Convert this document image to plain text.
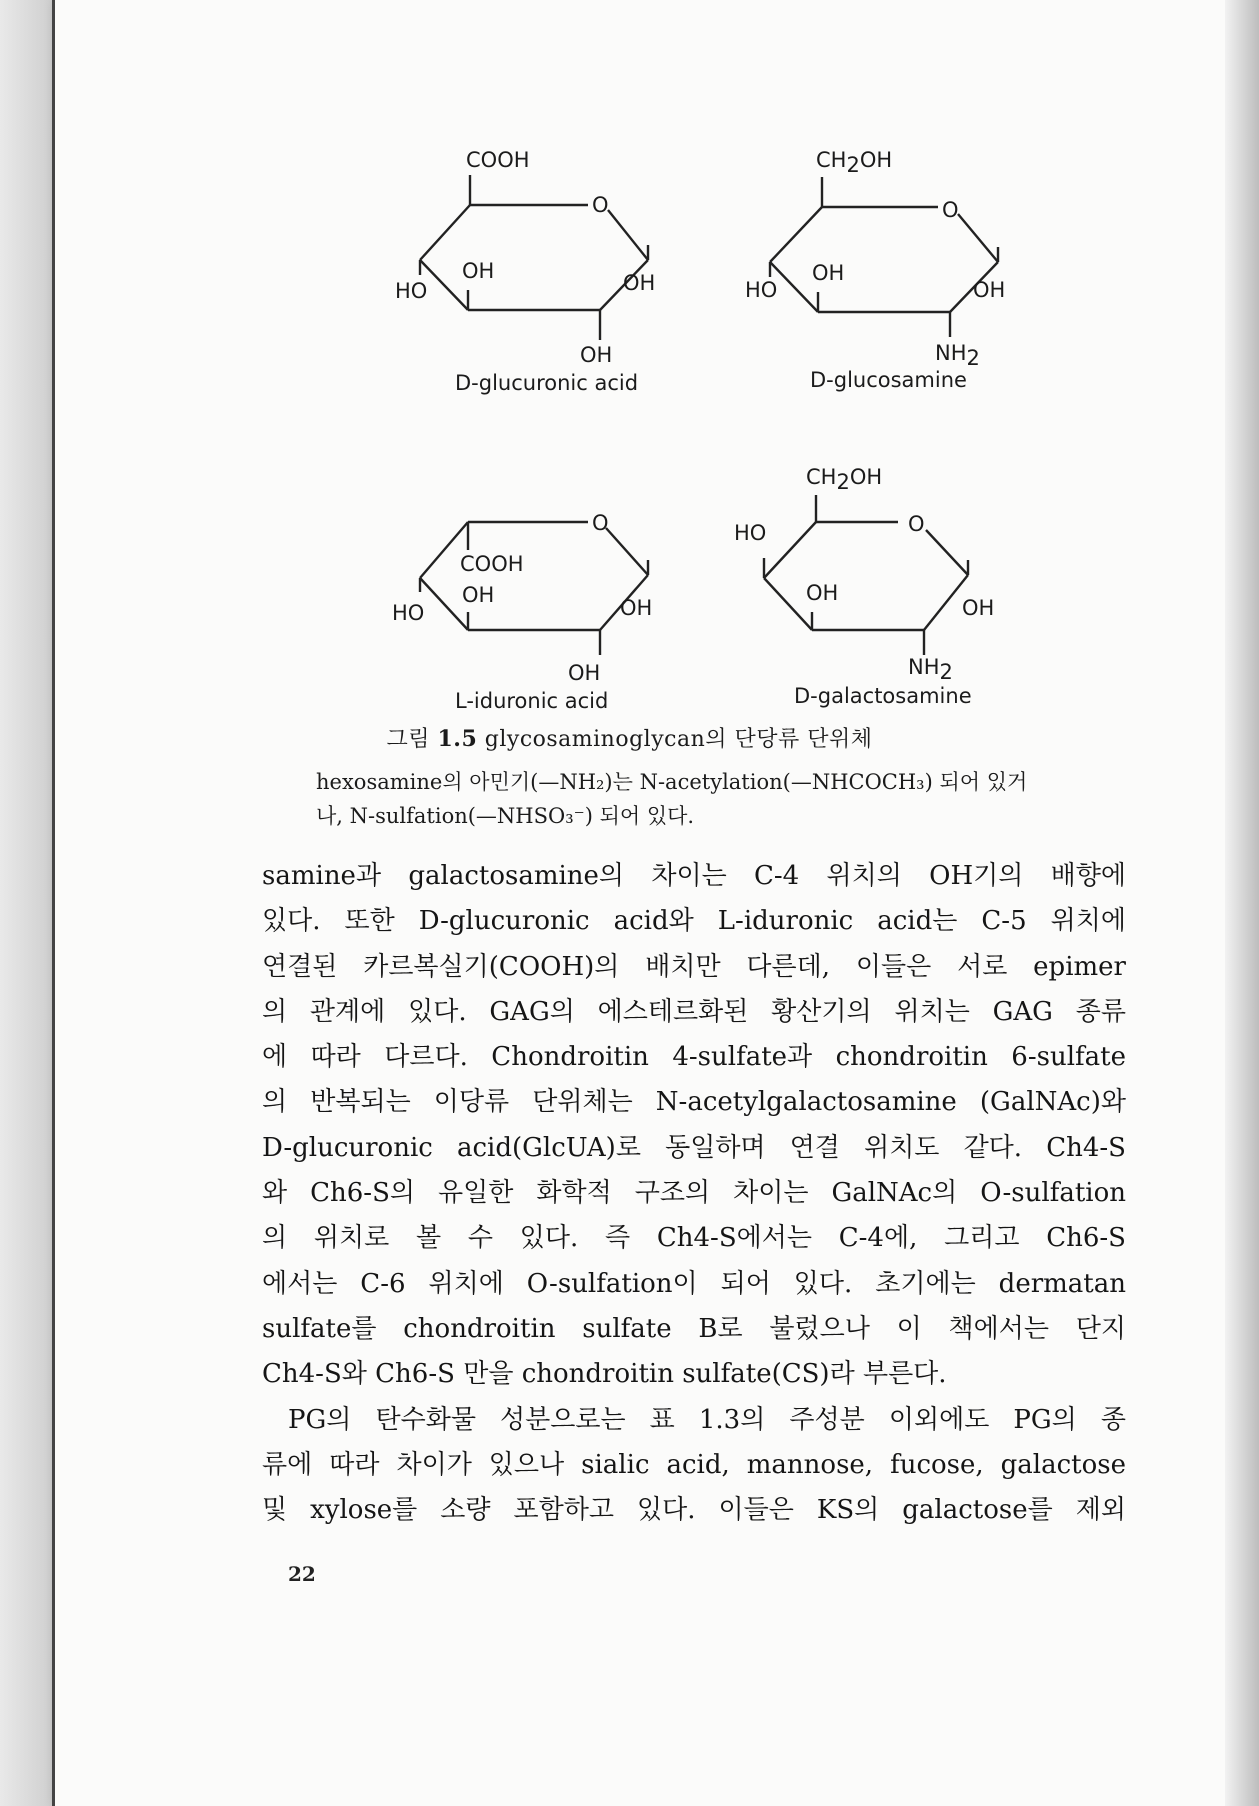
COOH
O
OH
HO	OH
OH
D-glucuronic acid
CH2OH
O
OH
HO	OH
NH2
D-glucosamine
O
COOH
OH
HO	OH
OH
L-iduronic acid
CH2OH
O
HO
OH
OH
NH2
D-galactosamine
그림 1.5 glycosaminoglycan의 단당류 단위체
hexosamine의 아민기(—NH₂)는 N-acetylation(—NHCOCH₃) 되어 있거
나, N-sulfation(—NHSO₃⁻) 되어 있다.
samine과 galactosamine의 차이는 C-4 위치의 OH기의 배향에
있다. 또한 D-glucuronic acid와 L-iduronic acid는 C-5 위치에
연결된 카르복실기(COOH)의 배치만 다른데, 이들은 서로 epimer
의 관계에 있다. GAG의 에스테르화된 황산기의 위치는 GAG 종류
에 따라 다르다. Chondroitin 4-sulfate과 chondroitin 6-sulfate
의 반복되는 이당류 단위체는 N-acetylgalactosamine (GalNAc)와
D-glucuronic acid(GlcUA)로 동일하며 연결 위치도 같다. Ch4-S
와 Ch6-S의 유일한 화학적 구조의 차이는 GalNAc의 O-sulfation
의 위치로 볼 수 있다. 즉 Ch4-S에서는 C-4에, 그리고 Ch6-S
에서는 C-6 위치에 O-sulfation이 되어 있다. 초기에는 dermatan
sulfate를 chondroitin sulfate B로 불렀으나 이 책에서는 단지
Ch4-S와 Ch6-S 만을 chondroitin sulfate(CS)라 부른다.
PG의 탄수화물 성분으로는 표 1.3의 주성분 이외에도 PG의 종
류에 따라 차이가 있으나 sialic acid, mannose, fucose, galactose
및 xylose를 소량 포함하고 있다. 이들은 KS의 galactose를 제외
22
